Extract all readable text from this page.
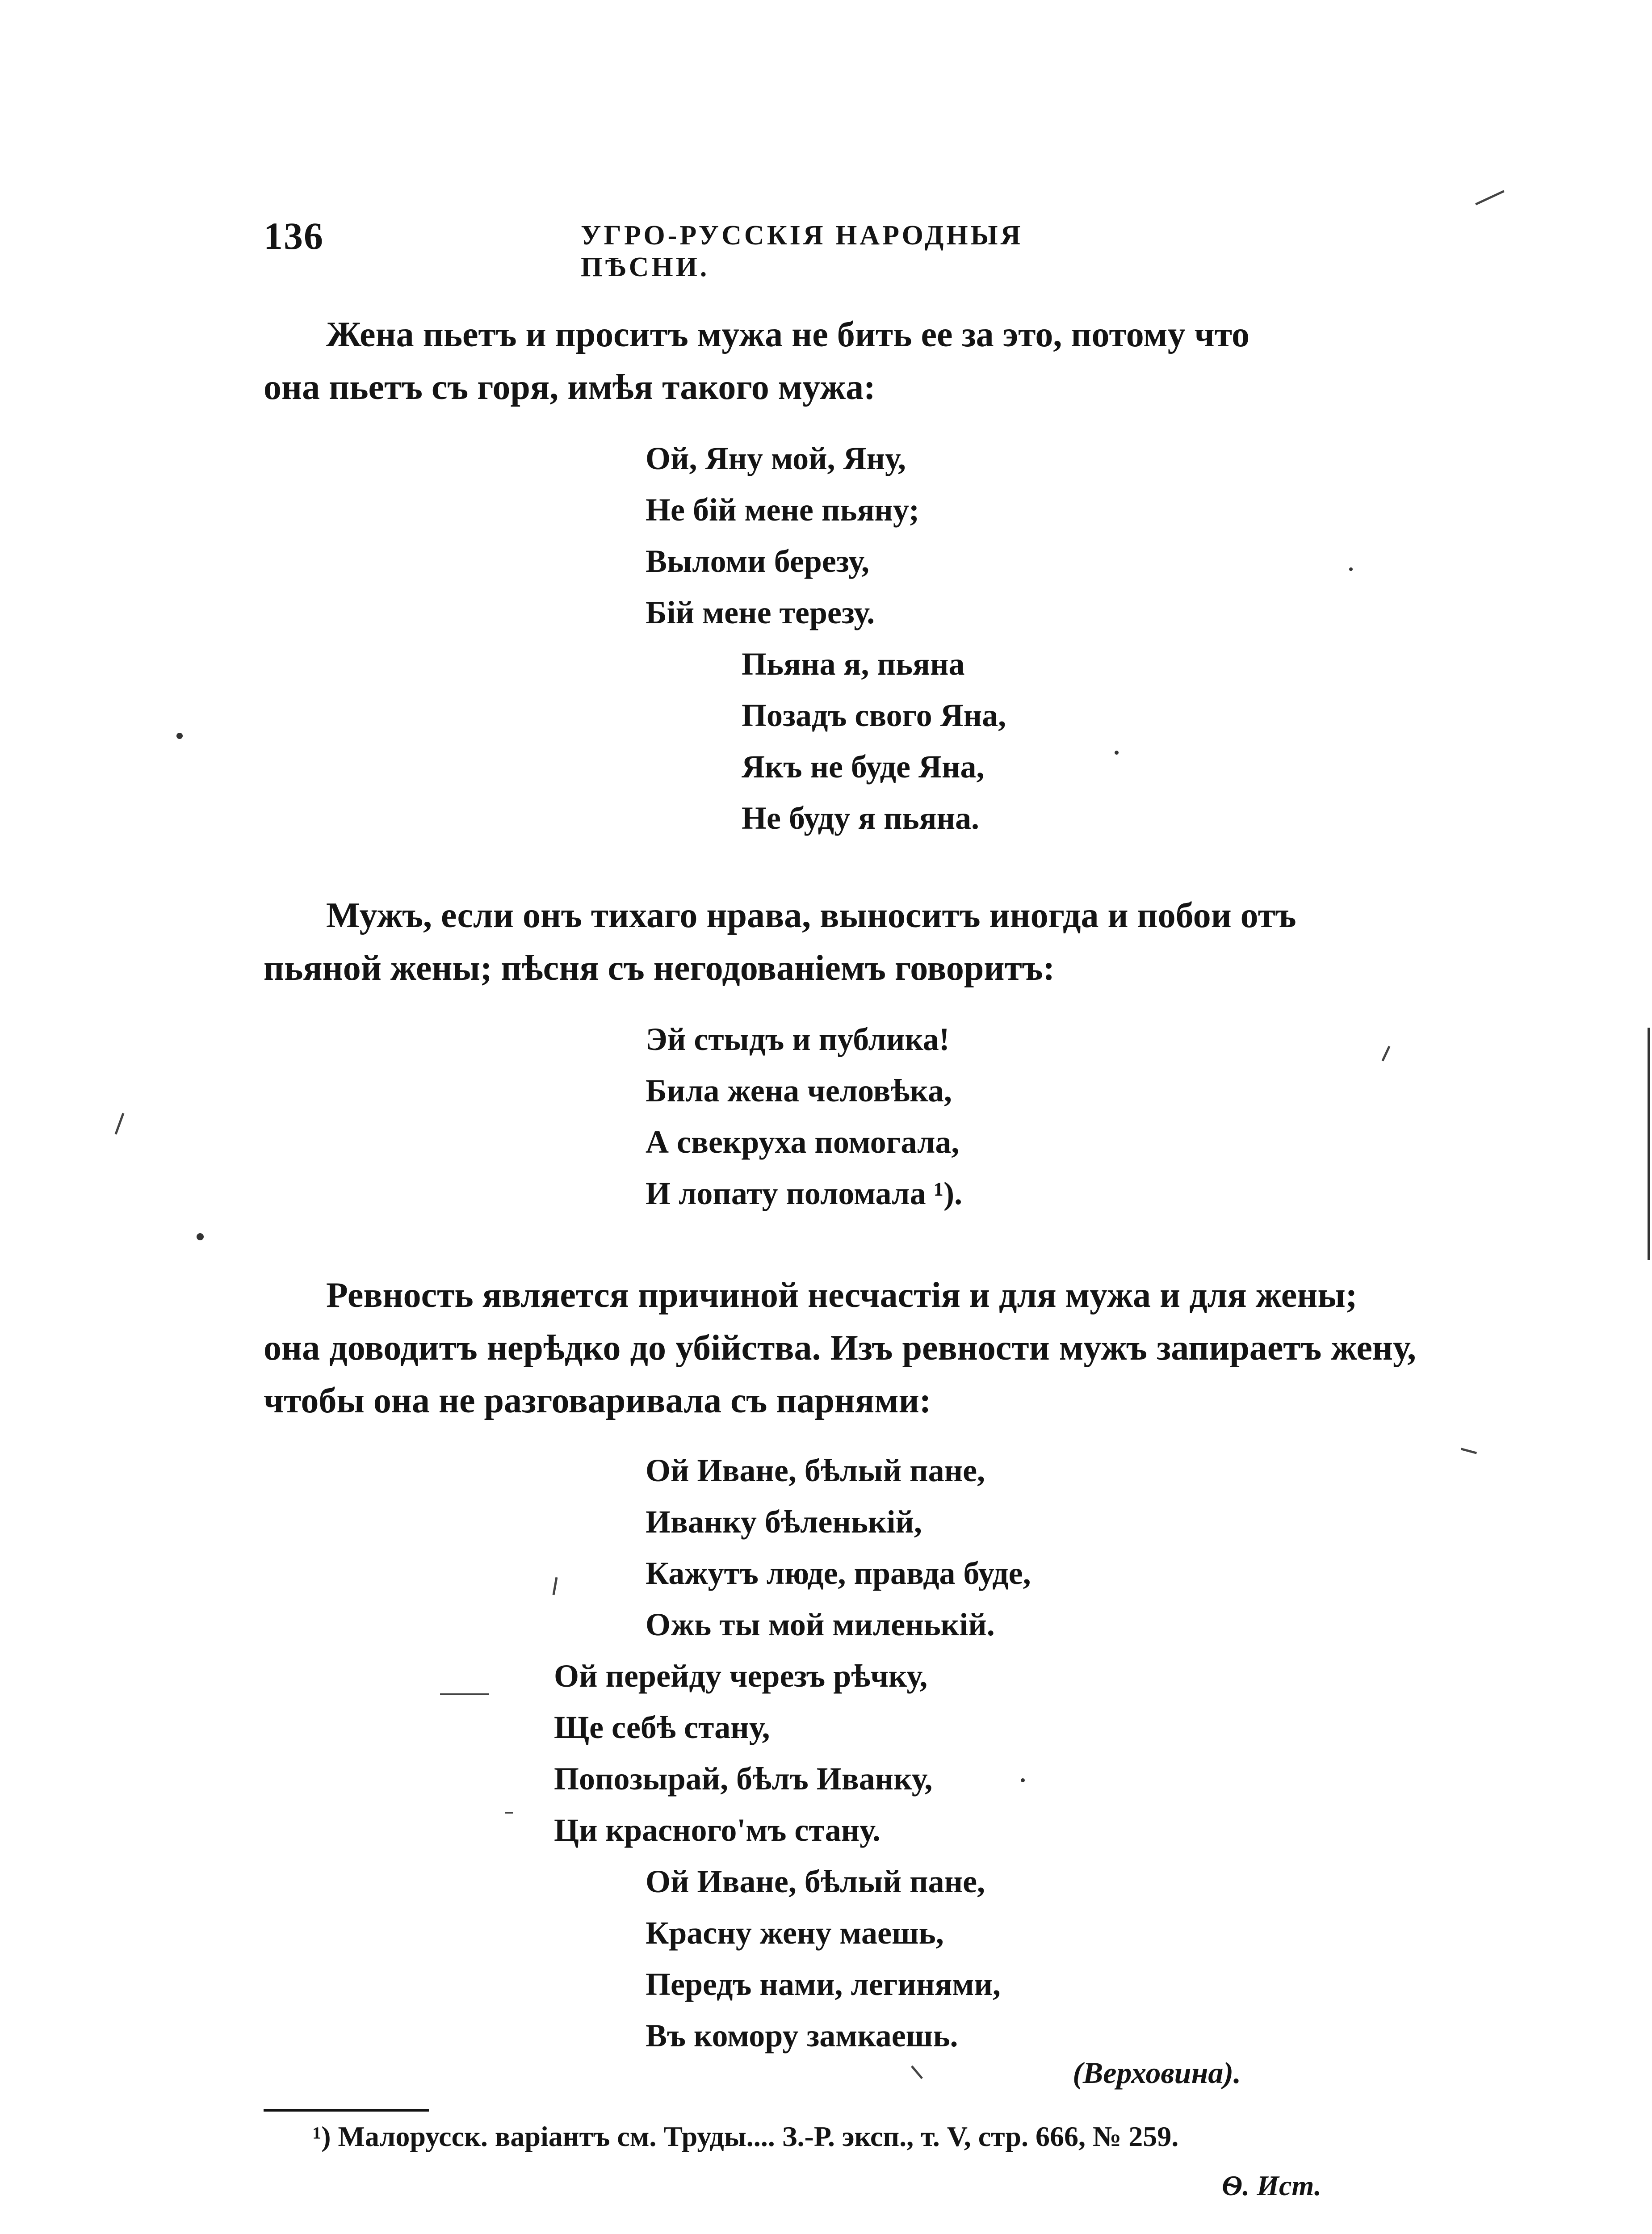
136	УГРО-РУССКІЯ НАРОДНЫЯ ПѢСНИ.

Жена пьетъ и проситъ мужа не бить ее за это, потому что
она пьетъ съ горя, имѣя такого мужа:

Ой, Яну мой, Яну,
Не бій мене пьяну;
Выломи березу,
Бій мене терезу.
Пьяна я, пьяна
Позадъ свого Яна,
Якъ не буде Яна,
Не буду я пьяна.

Мужъ, если онъ тихаго нрава, выноситъ иногда и побои отъ
пьяной жены; пѣсня съ негодованіемъ говоритъ:

Эй стыдъ и публика!
Била жена человѣка,
А свекруха помогала,
И лопату поломала ¹).

Ревность является причиной несчастія и для мужа и для жены;
она доводитъ нерѣдко до убійства. Изъ ревности мужъ запираетъ жену, чтобы она не разговаривала съ парнями:

Ой Иване, бѣлый пане,
Иванку бѣленькій,
Кажутъ люде, правда буде,
Ожь ты мой миленькій.
Ой перейду черезъ рѣчку,
Ще себѣ стану,
Попозырай, бѣлъ Иванку,
Ци красного'мъ стану.
Ой Иване, бѣлый пане,
Красну жену маешь,
Передъ нами, легинями,
Въ комору замкаешь.
(Верховина).
¹) Малорусск. варіантъ см. Труды.... З.-Р. эксп., т. V, стр. 666, № 259.
Ѳ. Ист.
